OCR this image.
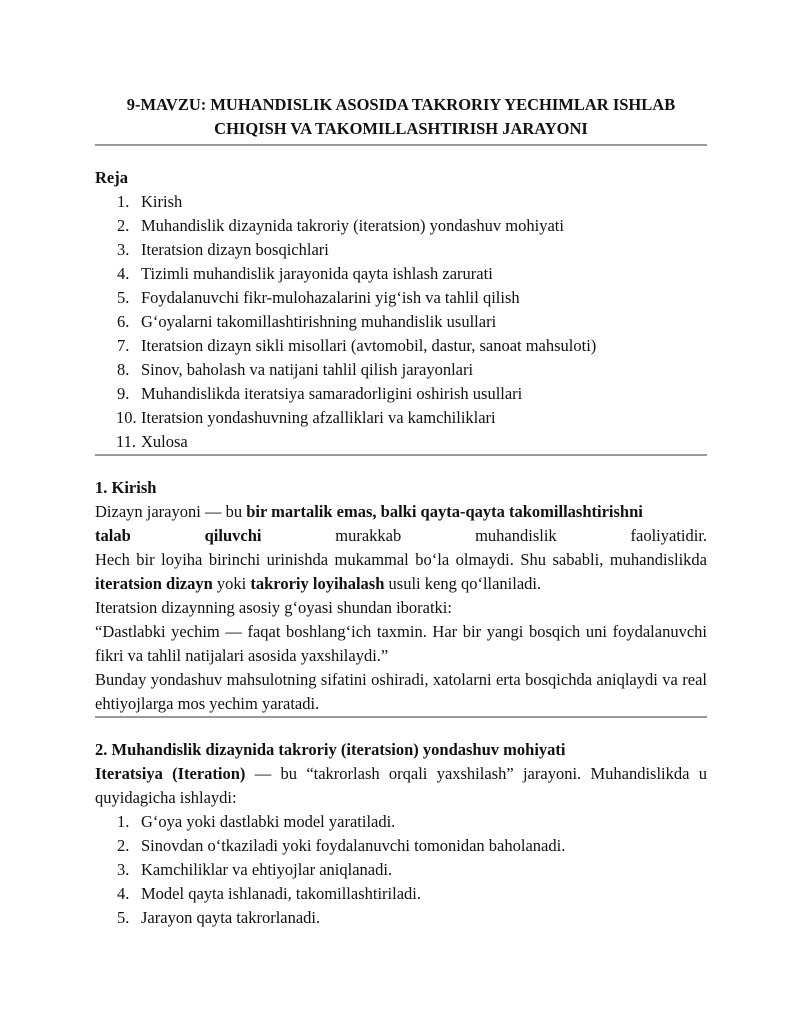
9-MAVZU: MUHANDISLIK ASOSIDA TAKRORIY YECHIMLAR ISHLAB
CHIQISH VA TAKOMILLASHTIRISH JARAYONI

Reja

1. Kirish
2. Muhandislik dizaynida takroriy (iteratsion) yondashuv mohiyati
3. Iteratsion dizayn bosqichlari
4. Tizimli muhandislik jarayonida qayta ishlash zarurati
5. Foydalanuvchi fikr-mulohazalarini yig‘ish va tahlil qilish
6. G‘oyalarni takomillashtirishning muhandislik usullari
7. Iteratsion dizayn sikli misollari (avtomobil, dastur, sanoat mahsuloti)
8. Sinov, baholash va natijani tahlil qilish jarayonlari
9. Muhandislikda iteratsiya samaradorligini oshirish usullari
10. Iteratsion yondashuvning afzalliklari va kamchiliklari
11. Xulosa

1. Kirish

Dizayn jarayoni — bu bir martalik emas, balki qayta-qayta takomillashtirishni

talab	qiluvchi	murakkab	muhandislik	faoliyatidir.

Hech bir loyiha birinchi urinishda mukammal bo‘la olmaydi. Shu sababli, muhandislikda iteratsion dizayn yoki takroriy loyihalash usuli keng qo‘llaniladi.

Iteratsion dizaynning asosiy g‘oyasi shundan iboratki:

“Dastlabki yechim — faqat boshlang‘ich taxmin. Har bir yangi bosqich uni foydalanuvchi fikri va tahlil natijalari asosida yaxshilaydi.”

Bunday yondashuv mahsulotning sifatini oshiradi, xatolarni erta bosqichda aniqlaydi va real ehtiyojlarga mos yechim yaratadi.

2. Muhandislik dizaynida takroriy (iteratsion) yondashuv mohiyati

Iteratsiya (Iteration) — bu “takrorlash orqali yaxshilash” jarayoni. Muhandislikda u quyidagicha ishlaydi:

1. G‘oya yoki dastlabki model yaratiladi.
2. Sinovdan o‘tkaziladi yoki foydalanuvchi tomonidan baholanadi.
3. Kamchiliklar va ehtiyojlar aniqlanadi.
4. Model qayta ishlanadi, takomillashtiriladi.
5. Jarayon qayta takrorlanadi.
